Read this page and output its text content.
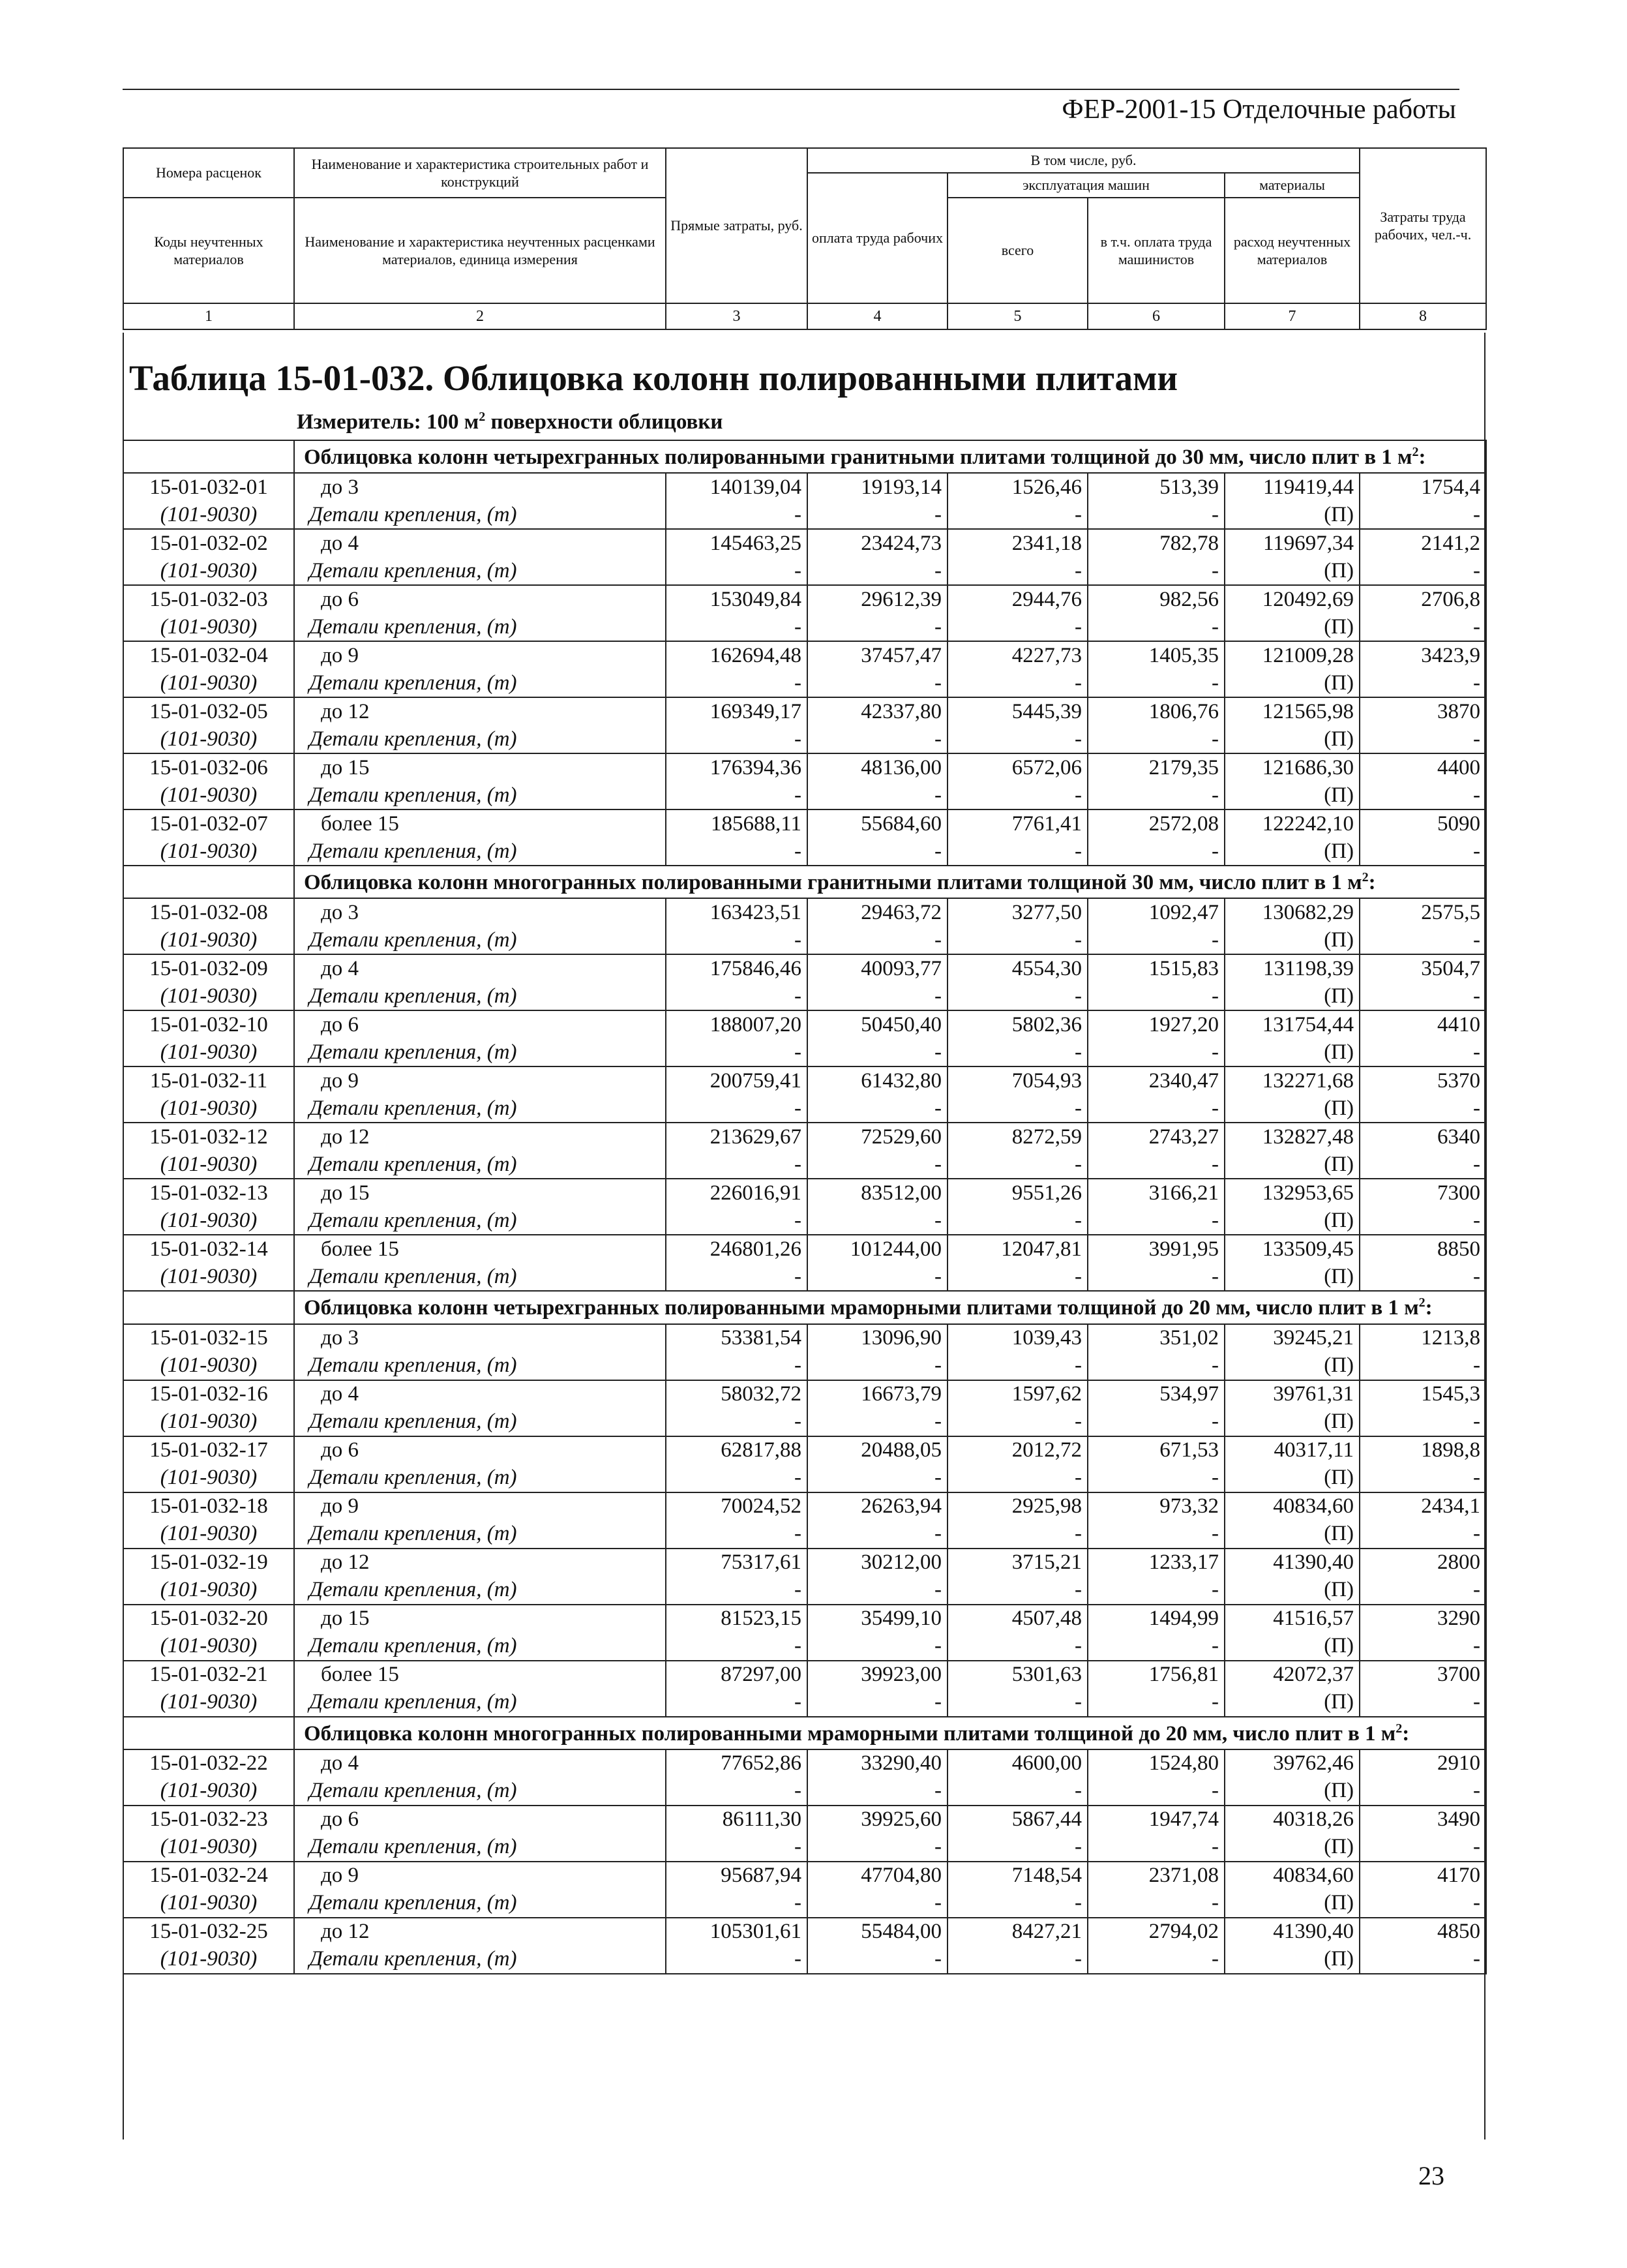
ФЕР-2001-15 Отделочные работы
Номера расценок	Наименование и характеристика строительных работ и конструкций	Прямые затраты, руб.	В том числе, руб.				Затраты труда рабочих, чел.-ч.
			оплата труда рабочих	эксплуатация машин		материалы	
Коды неучтенных материалов	Наименование и характеристика неучтенных расценками материалов, единица измерения			всего	в т.ч. оплата труда машинистов	расход неучтенных материалов	

1	2	3	4	5	6	7	8
Таблица 15-01-032. Облицовка колонн полированными плитами
Измеритель: 100 $м^2$ поверхности облицовки
	Облицовка колонн четырехгранных полированными гранитными плитами толщиной до 30 мм, число плит в 1 $м^2$:						
15-01-032-01	до 3	140139,04	19193,14	1526,46	513,39	119419,44	1754,4
(101-9030)	Детали крепления, (т)	-	-	-	-	(П)	-
15-01-032-02	до 4	145463,25	23424,73	2341,18	782,78	119697,34	2141,2
(101-9030)	Детали крепления, (т)	-	-	-	-	(П)	-
15-01-032-03	до 6	153049,84	29612,39	2944,76	982,56	120492,69	2706,8
(101-9030)	Детали крепления, (т)	-	-	-	-	(П)	-
15-01-032-04	до 9	162694,48	37457,47	4227,73	1405,35	121009,28	3423,9
(101-9030)	Детали крепления, (т)	-	-	-	-	(П)	-
15-01-032-05	до 12	169349,17	42337,80	5445,39	1806,76	121565,98	3870
(101-9030)	Детали крепления, (т)	-	-	-	-	(П)	-
15-01-032-06	до 15	176394,36	48136,00	6572,06	2179,35	121686,30	4400
(101-9030)	Детали крепления, (т)	-	-	-	-	(П)	-
15-01-032-07	более 15	185688,11	55684,60	7761,41	2572,08	122242,10	5090
(101-9030)	Детали крепления, (т)	-	-	-	-	(П)	-
	Облицовка колонн многогранных полированными гранитными плитами толщиной 30 мм, число плит в 1 $м^2$:						
15-01-032-08	до 3	163423,51	29463,72	3277,50	1092,47	130682,29	2575,5
(101-9030)	Детали крепления, (т)	-	-	-	-	(П)	-
15-01-032-09	до 4	175846,46	40093,77	4554,30	1515,83	131198,39	3504,7
(101-9030)	Детали крепления, (т)	-	-	-	-	(П)	-
15-01-032-10	до 6	188007,20	50450,40	5802,36	1927,20	131754,44	4410
(101-9030)	Детали крепления, (т)	-	-	-	-	(П)	-
15-01-032-11	до 9	200759,41	61432,80	7054,93	2340,47	132271,68	5370
(101-9030)	Детали крепления, (т)	-	-	-	-	(П)	-
15-01-032-12	до 12	213629,67	72529,60	8272,59	2743,27	132827,48	6340
(101-9030)	Детали крепления, (т)	-	-	-	-	(П)	-
15-01-032-13	до 15	226016,91	83512,00	9551,26	3166,21	132953,65	7300
(101-9030)	Детали крепления, (т)	-	-	-	-	(П)	-
15-01-032-14	более 15	246801,26	101244,00	12047,81	3991,95	133509,45	8850
(101-9030)	Детали крепления, (т)	-	-	-	-	(П)	-
	Облицовка колонн четырехгранных полированными мраморными плитами толщиной до 20 мм, число плит в 1 $м^2$:						
15-01-032-15	до 3	53381,54	13096,90	1039,43	351,02	39245,21	1213,8
(101-9030)	Детали крепления, (т)	-	-	-	-	(П)	-
15-01-032-16	до 4	58032,72	16673,79	1597,62	534,97	39761,31	1545,3
(101-9030)	Детали крепления, (т)	-	-	-	-	(П)	-
15-01-032-17	до 6	62817,88	20488,05	2012,72	671,53	40317,11	1898,8
(101-9030)	Детали крепления, (т)	-	-	-	-	(П)	-
15-01-032-18	до 9	70024,52	26263,94	2925,98	973,32	40834,60	2434,1
(101-9030)	Детали крепления, (т)	-	-	-	-	(П)	-
15-01-032-19	до 12	75317,61	30212,00	3715,21	1233,17	41390,40	2800
(101-9030)	Детали крепления, (т)	-	-	-	-	(П)	-
15-01-032-20	до 15	81523,15	35499,10	4507,48	1494,99	41516,57	3290
(101-9030)	Детали крепления, (т)	-	-	-	-	(П)	-
15-01-032-21	более 15	87297,00	39923,00	5301,63	1756,81	42072,37	3700
(101-9030)	Детали крепления, (т)	-	-	-	-	(П)	-
	Облицовка колонн многогранных полированными мраморными плитами толщиной до 20 мм, число плит в 1 $м^2$:						
15-01-032-22	до 4	77652,86	33290,40	4600,00	1524,80	39762,46	2910
(101-9030)	Детали крепления, (т)	-	-	-	-	(П)	-
15-01-032-23	до 6	86111,30	39925,60	5867,44	1947,74	40318,26	3490
(101-9030)	Детали крепления, (т)	-	-	-	-	(П)	-
15-01-032-24	до 9	95687,94	47704,80	7148,54	2371,08	40834,60	4170
(101-9030)	Детали крепления, (т)	-	-	-	-	(П)	-
15-01-032-25	до 12	105301,61	55484,00	8427,21	2794,02	41390,40	4850
(101-9030)	Детали крепления, (т)	-	-	-	-	(П)	-
23
